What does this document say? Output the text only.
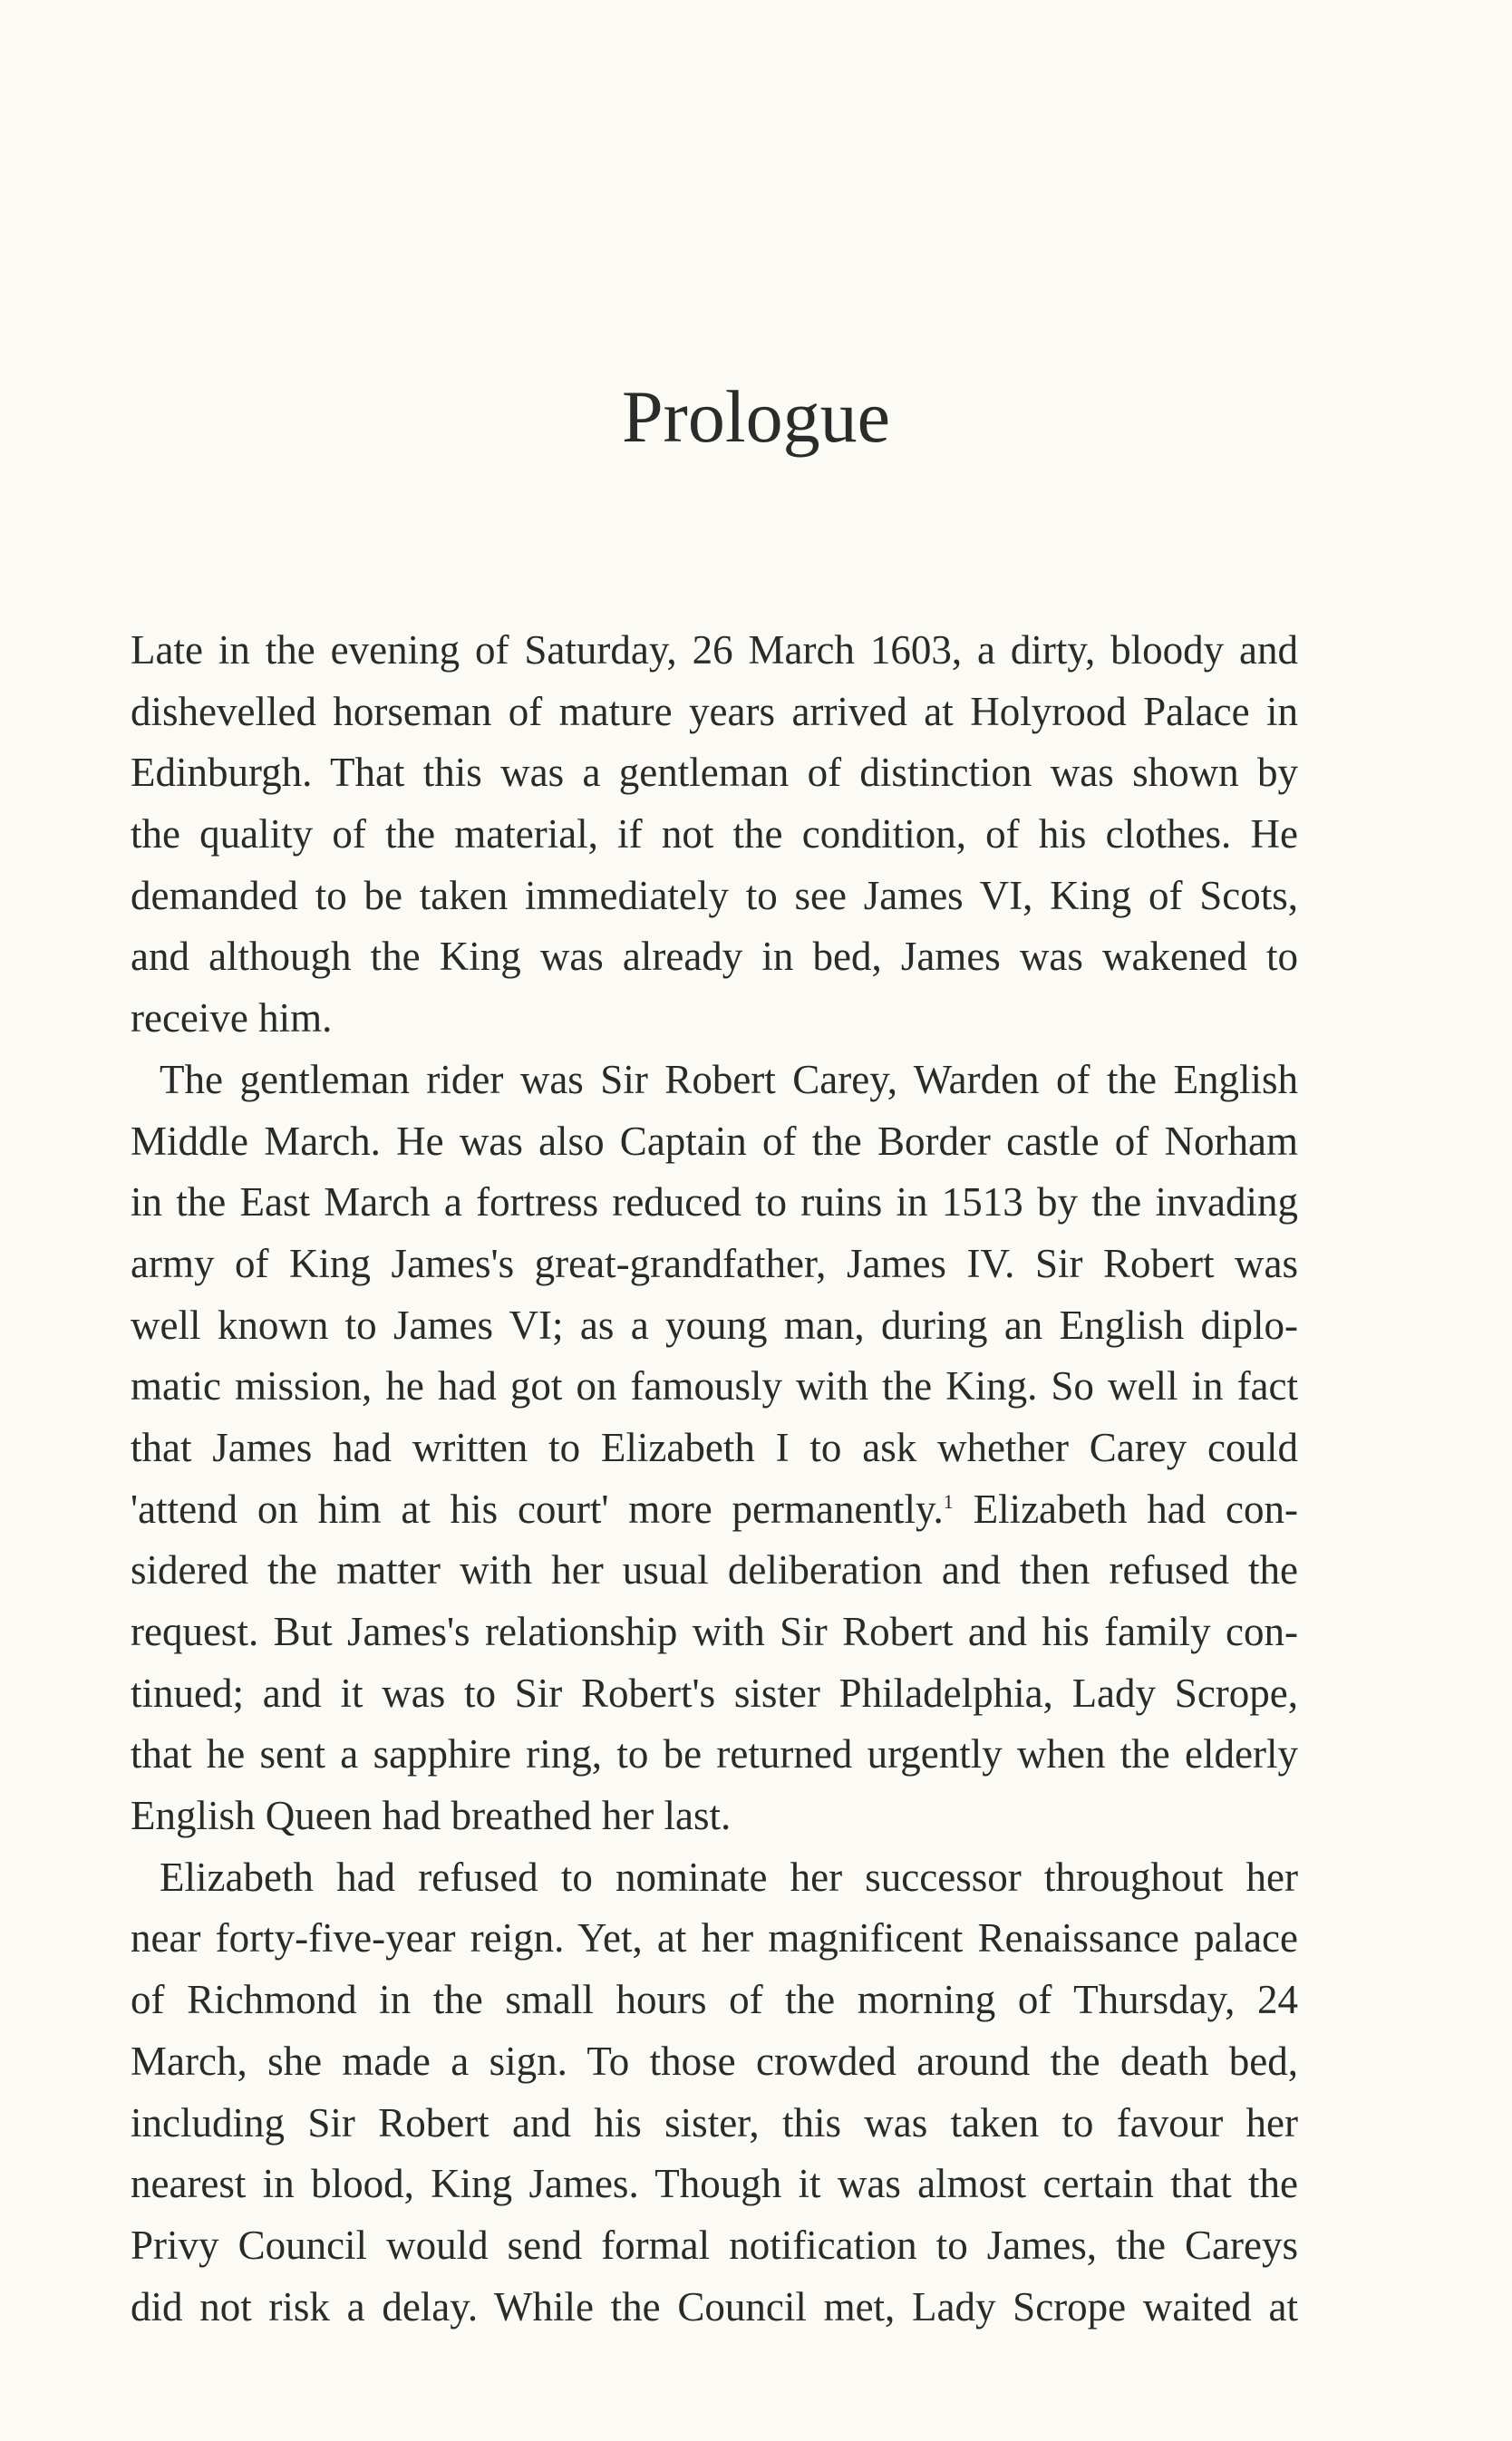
Prologue
Late in the evening of Saturday, 26 March 1603, a dirty, bloody and
dishevelled horseman of mature years arrived at Holyrood Palace in
Edinburgh. That this was a gentleman of distinction was shown by
the quality of the material, if not the condition, of his clothes. He
demanded to be taken immediately to see James VI, King of Scots,
and although the King was already in bed, James was wakened to
receive him.
The gentleman rider was Sir Robert Carey, Warden of the English
Middle March. He was also Captain of the Border castle of Norham
in the East March a fortress reduced to ruins in 1513 by the invading
army of King James's great-grandfather, James IV. Sir Robert was
well known to James VI; as a young man, during an English diplo-
matic mission, he had got on famously with the King. So well in fact
that James had written to Elizabeth I to ask whether Carey could
'attend on him at his court' more permanently.$^1$ Elizabeth had con-
sidered the matter with her usual deliberation and then refused the
request. But James's relationship with Sir Robert and his family con-
tinued; and it was to Sir Robert's sister Philadelphia, Lady Scrope,
that he sent a sapphire ring, to be returned urgently when the elderly
English Queen had breathed her last.
Elizabeth had refused to nominate her successor throughout her
near forty-five-year reign. Yet, at her magnificent Renaissance palace
of Richmond in the small hours of the morning of Thursday, 24
March, she made a sign. To those crowded around the death bed,
including Sir Robert and his sister, this was taken to favour her
nearest in blood, King James. Though it was almost certain that the
Privy Council would send formal notification to James, the Careys
did not risk a delay. While the Council met, Lady Scrope waited at
